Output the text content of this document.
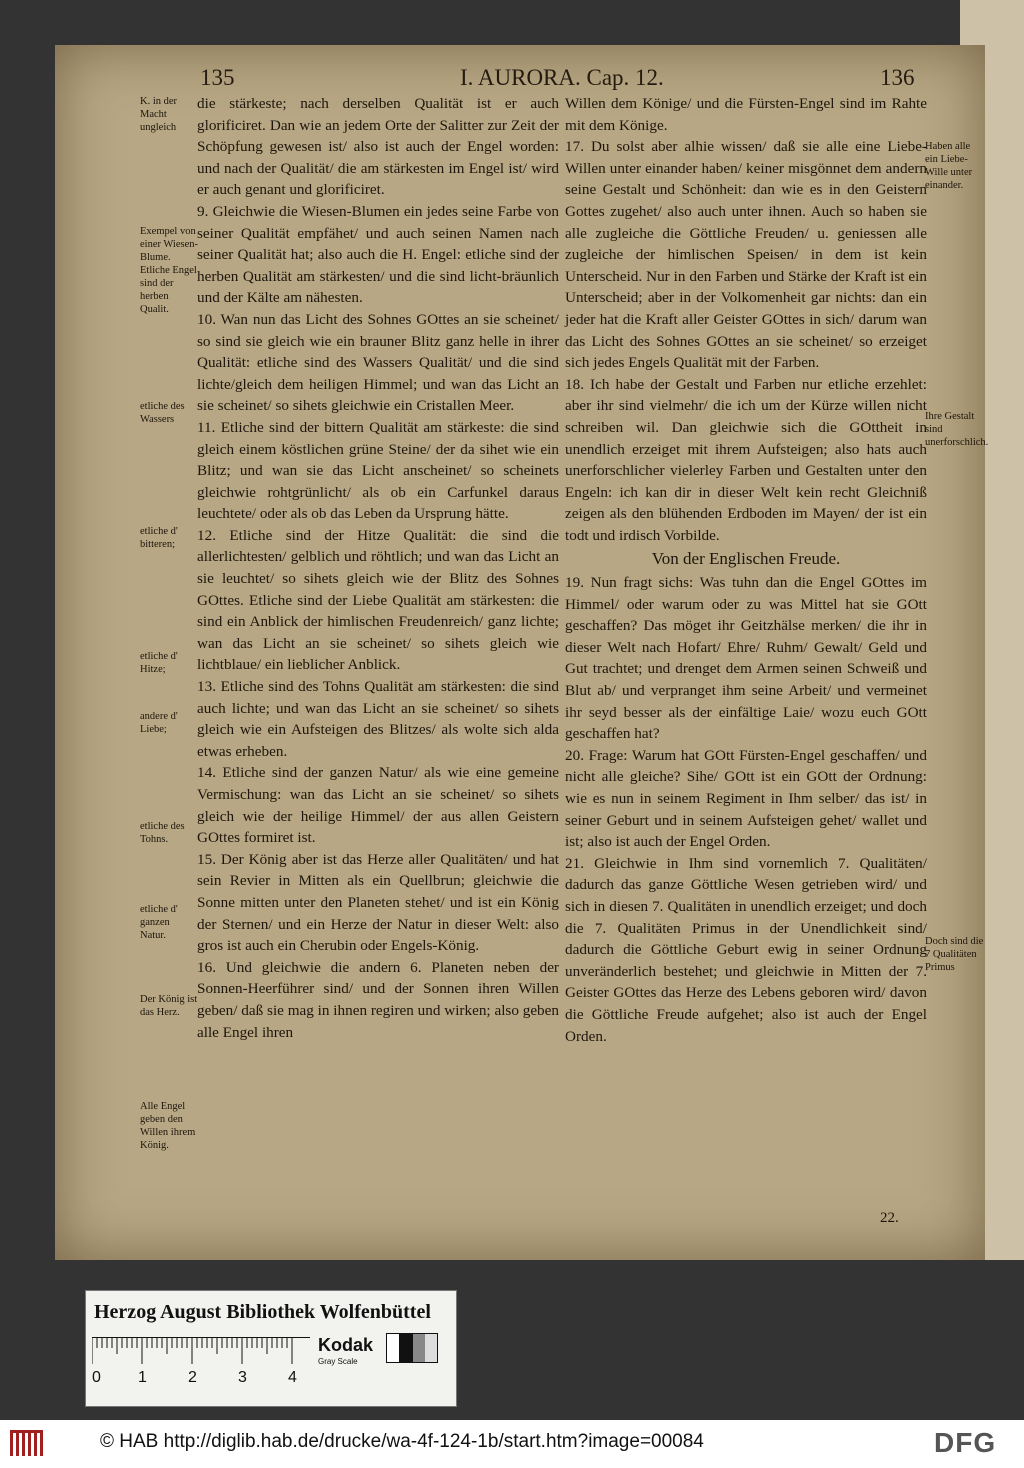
135	I. AURORA. Cap. 12.	136
K. in der Macht ungleich
Exempel von einer Wiesen-Blume. Etliche Engel sind der herben Qualit.
etliche des Wassers
etliche d' bitteren;
etliche d' Hitze;
andere d' Liebe;
etliche des Tohns.
etliche d' ganzen Natur.
Der König ist das Herz.
Alle Engel geben den Willen ihrem König.

die stärkeste; nach derselben Qualität ist er auch glorificiret. Dan wie an jedem Orte der Salitter zur Zeit der Schöpfung gewesen ist/ also ist auch der Engel worden: und nach der Qualität/ die am stärkesten im Engel ist/ wird er auch genant und glorificiret.

9. Gleichwie die Wiesen-Blumen ein jedes seine Farbe von seiner Qualität empfähet/ und auch seinen Namen nach seiner Qualität hat; also auch die H. Engel: etliche sind der herben Qualität am stärkesten/ und die sind licht-bräunlich und der Kälte am nähesten.

10. Wan nun das Licht des Sohnes GOttes an sie scheinet/ so sind sie gleich wie ein brauner Blitz ganz helle in ihrer Qualität: etliche sind des Wassers Qualität/ und die sind lichte/gleich dem heiligen Himmel; und wan das Licht an sie scheinet/ so sihets gleichwie ein Cristallen Meer.

11. Etliche sind der bittern Qualität am stärkeste: die sind gleich einem köstlichen grüne Steine/ der da sihet wie ein Blitz; und wan sie das Licht anscheinet/ so scheinets gleichwie rohtgrünlicht/ als ob ein Carfunkel daraus leuchtete/ oder als ob das Leben da Ursprung hätte.

12. Etliche sind der Hitze Qualität: die sind die allerlichtesten/ gelblich und röhtlich; und wan das Licht an sie leuchtet/ so sihets gleich wie der Blitz des Sohnes GOttes. Etliche sind der Liebe Qualität am stärkesten: die sind ein Anblick der himlischen Freudenreich/ ganz lichte; wan das Licht an sie scheinet/ so sihets gleich wie lichtblaue/ ein lieblicher Anblick.

13. Etliche sind des Tohns Qualität am stärkesten: die sind auch lichte; und wan das Licht an sie scheinet/ so sihets gleich wie ein Aufsteigen des Blitzes/ als wolte sich alda etwas erheben.

14. Etliche sind der ganzen Natur/ als wie eine gemeine Vermischung: wan das Licht an sie scheinet/ so sihets gleich wie der heilige Himmel/ der aus allen Geistern GOttes formiret ist.

15. Der König aber ist das Herze aller Qualitäten/ und hat sein Revier in Mitten als ein Quellbrun; gleichwie die Sonne mitten unter den Planeten stehet/ und ist ein König der Sternen/ und ein Herze der Natur in dieser Welt: also gros ist auch ein Cherubin oder Engels-König.

16. Und gleichwie die andern 6. Planeten neben der Sonnen-Heerführer sind/ und der Sonnen ihren Willen geben/ daß sie mag in ihnen regiren und wirken; also geben alle Engel ihren

Willen dem Könige/ und die Fürsten-Engel sind im Rahte mit dem Könige.

17. Du solst aber alhie wissen/ daß sie alle eine Liebe-Willen unter einander haben/ keiner misgönnet dem andern seine Gestalt und Schönheit: dan wie es in den Geistern Gottes zugehet/ also auch unter ihnen. Auch so haben sie alle zugleiche die Göttliche Freuden/ u. geniessen alle zugleiche der himlischen Speisen/ in dem ist kein Unterscheid. Nur in den Farben und Stärke der Kraft ist ein Unterscheid; aber in der Volkomenheit gar nichts: dan ein jeder hat die Kraft aller Geister GOttes in sich/ darum wan das Licht des Sohnes GOttes an sie scheinet/ so erzeiget sich jedes Engels Qualität mit der Farben.

18. Ich habe der Gestalt und Farben nur etliche erzehlet: aber ihr sind vielmehr/ die ich um der Kürze willen nicht schreiben wil. Dan gleichwie sich die GOttheit in unendlich erzeiget mit ihrem Aufsteigen; also hats auch unerforschlicher vielerley Farben und Gestalten unter den Engeln: ich kan dir in dieser Welt kein recht Gleichniß zeigen als den blühenden Erdboden im Mayen/ der ist ein todt und irdisch Vorbilde.

Von der Englischen Freude.

19. Nun fragt sichs: Was tuhn dan die Engel GOttes im Himmel/ oder warum oder zu was Mittel hat sie GOtt geschaffen? Das möget ihr Geitzhälse merken/ die ihr in dieser Welt nach Hofart/ Ehre/ Ruhm/ Gewalt/ Geld und Gut trachtet; und drenget dem Armen seinen Schweiß und Blut ab/ und verpranget ihm seine Arbeit/ und vermeinet ihr seyd besser als der einfältige Laie/ wozu euch GOtt geschaffen hat?

20. Frage: Warum hat GOtt Fürsten-Engel geschaffen/ und nicht alle gleiche? Sihe/ GOtt ist ein GOtt der Ordnung: wie es nun in seinem Regiment in Ihm selber/ das ist/ in seiner Geburt und in seinem Aufsteigen gehet/ wallet und ist; also ist auch der Engel Orden.

21. Gleichwie in Ihm sind vornemlich 7. Qualitäten/ dadurch das ganze Göttliche Wesen getrieben wird/ und sich in diesen 7. Qualitäten in unendlich erzeiget; und doch die 7. Qualitäten Primus in der Unendlichkeit sind/ dadurch die Göttliche Geburt ewig in seiner Ordnung unveränderlich bestehet; und gleichwie in Mitten der 7. Geister GOttes das Herze des Lebens geboren wird/ davon die Göttliche Freude aufgehet; also ist auch der Engel Orden.

Haben alle ein Liebe-Wille unter einander.
Ihre Gestalt sind unerforschlich.
Doch sind die 7 Qualitäten Primus
22.
Herzog August Bibliothek Wolfenbüttel
0 1	2	3	4
Kodak
Gray Scale
© HAB http://diglib.hab.de/drucke/wa-4f-124-1b/start.htm?image=00084	DFG
